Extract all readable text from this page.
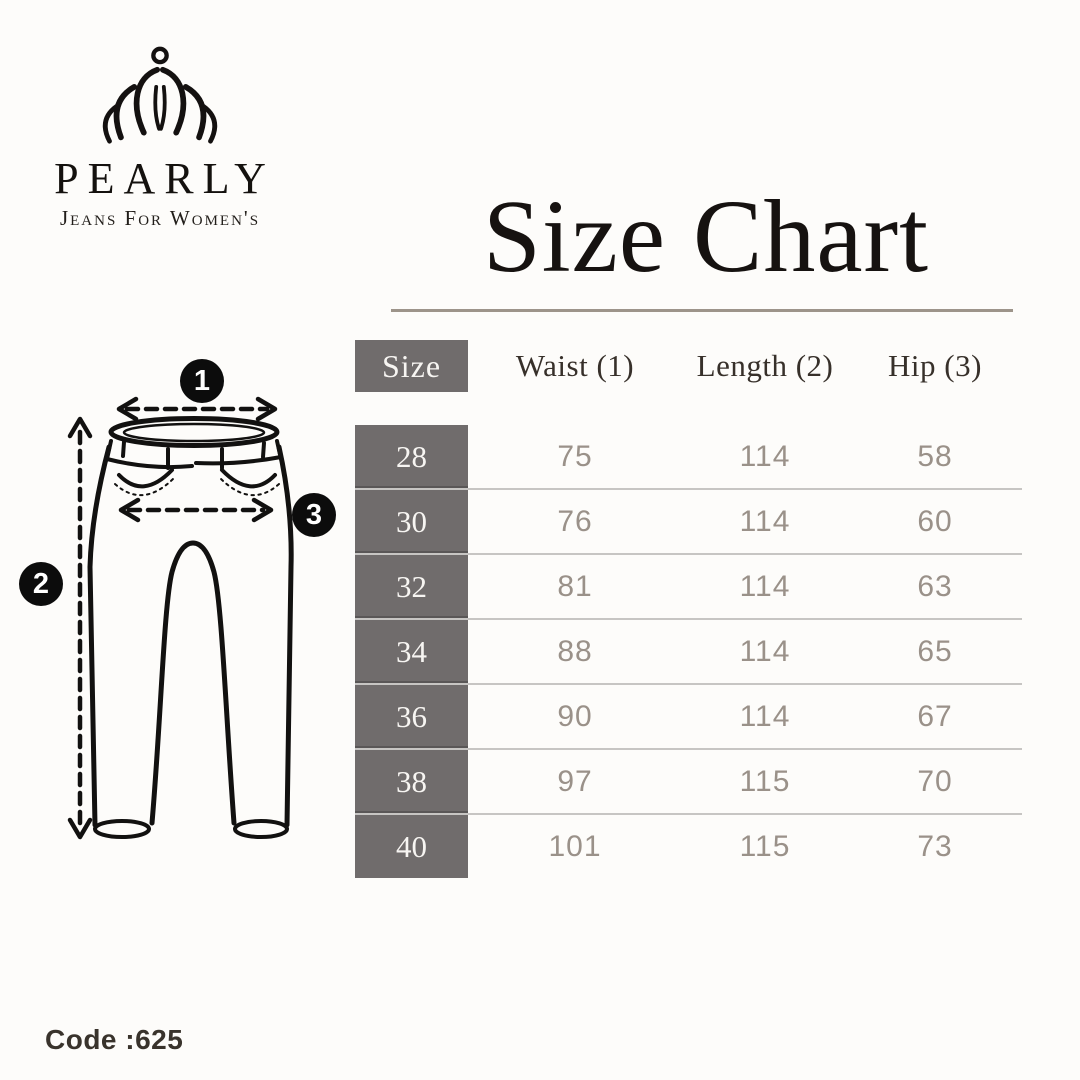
PEARLY
Jeans For Women's	Size Chart
1
2
3
Size	Waist (1)	Length (2)	Hip (3)
28	75	114	58
30	76	114	60
32	81	114	63
34	88	114	65
36	90	114	67
38	97	115	70
40	101	115	73
Code :625
